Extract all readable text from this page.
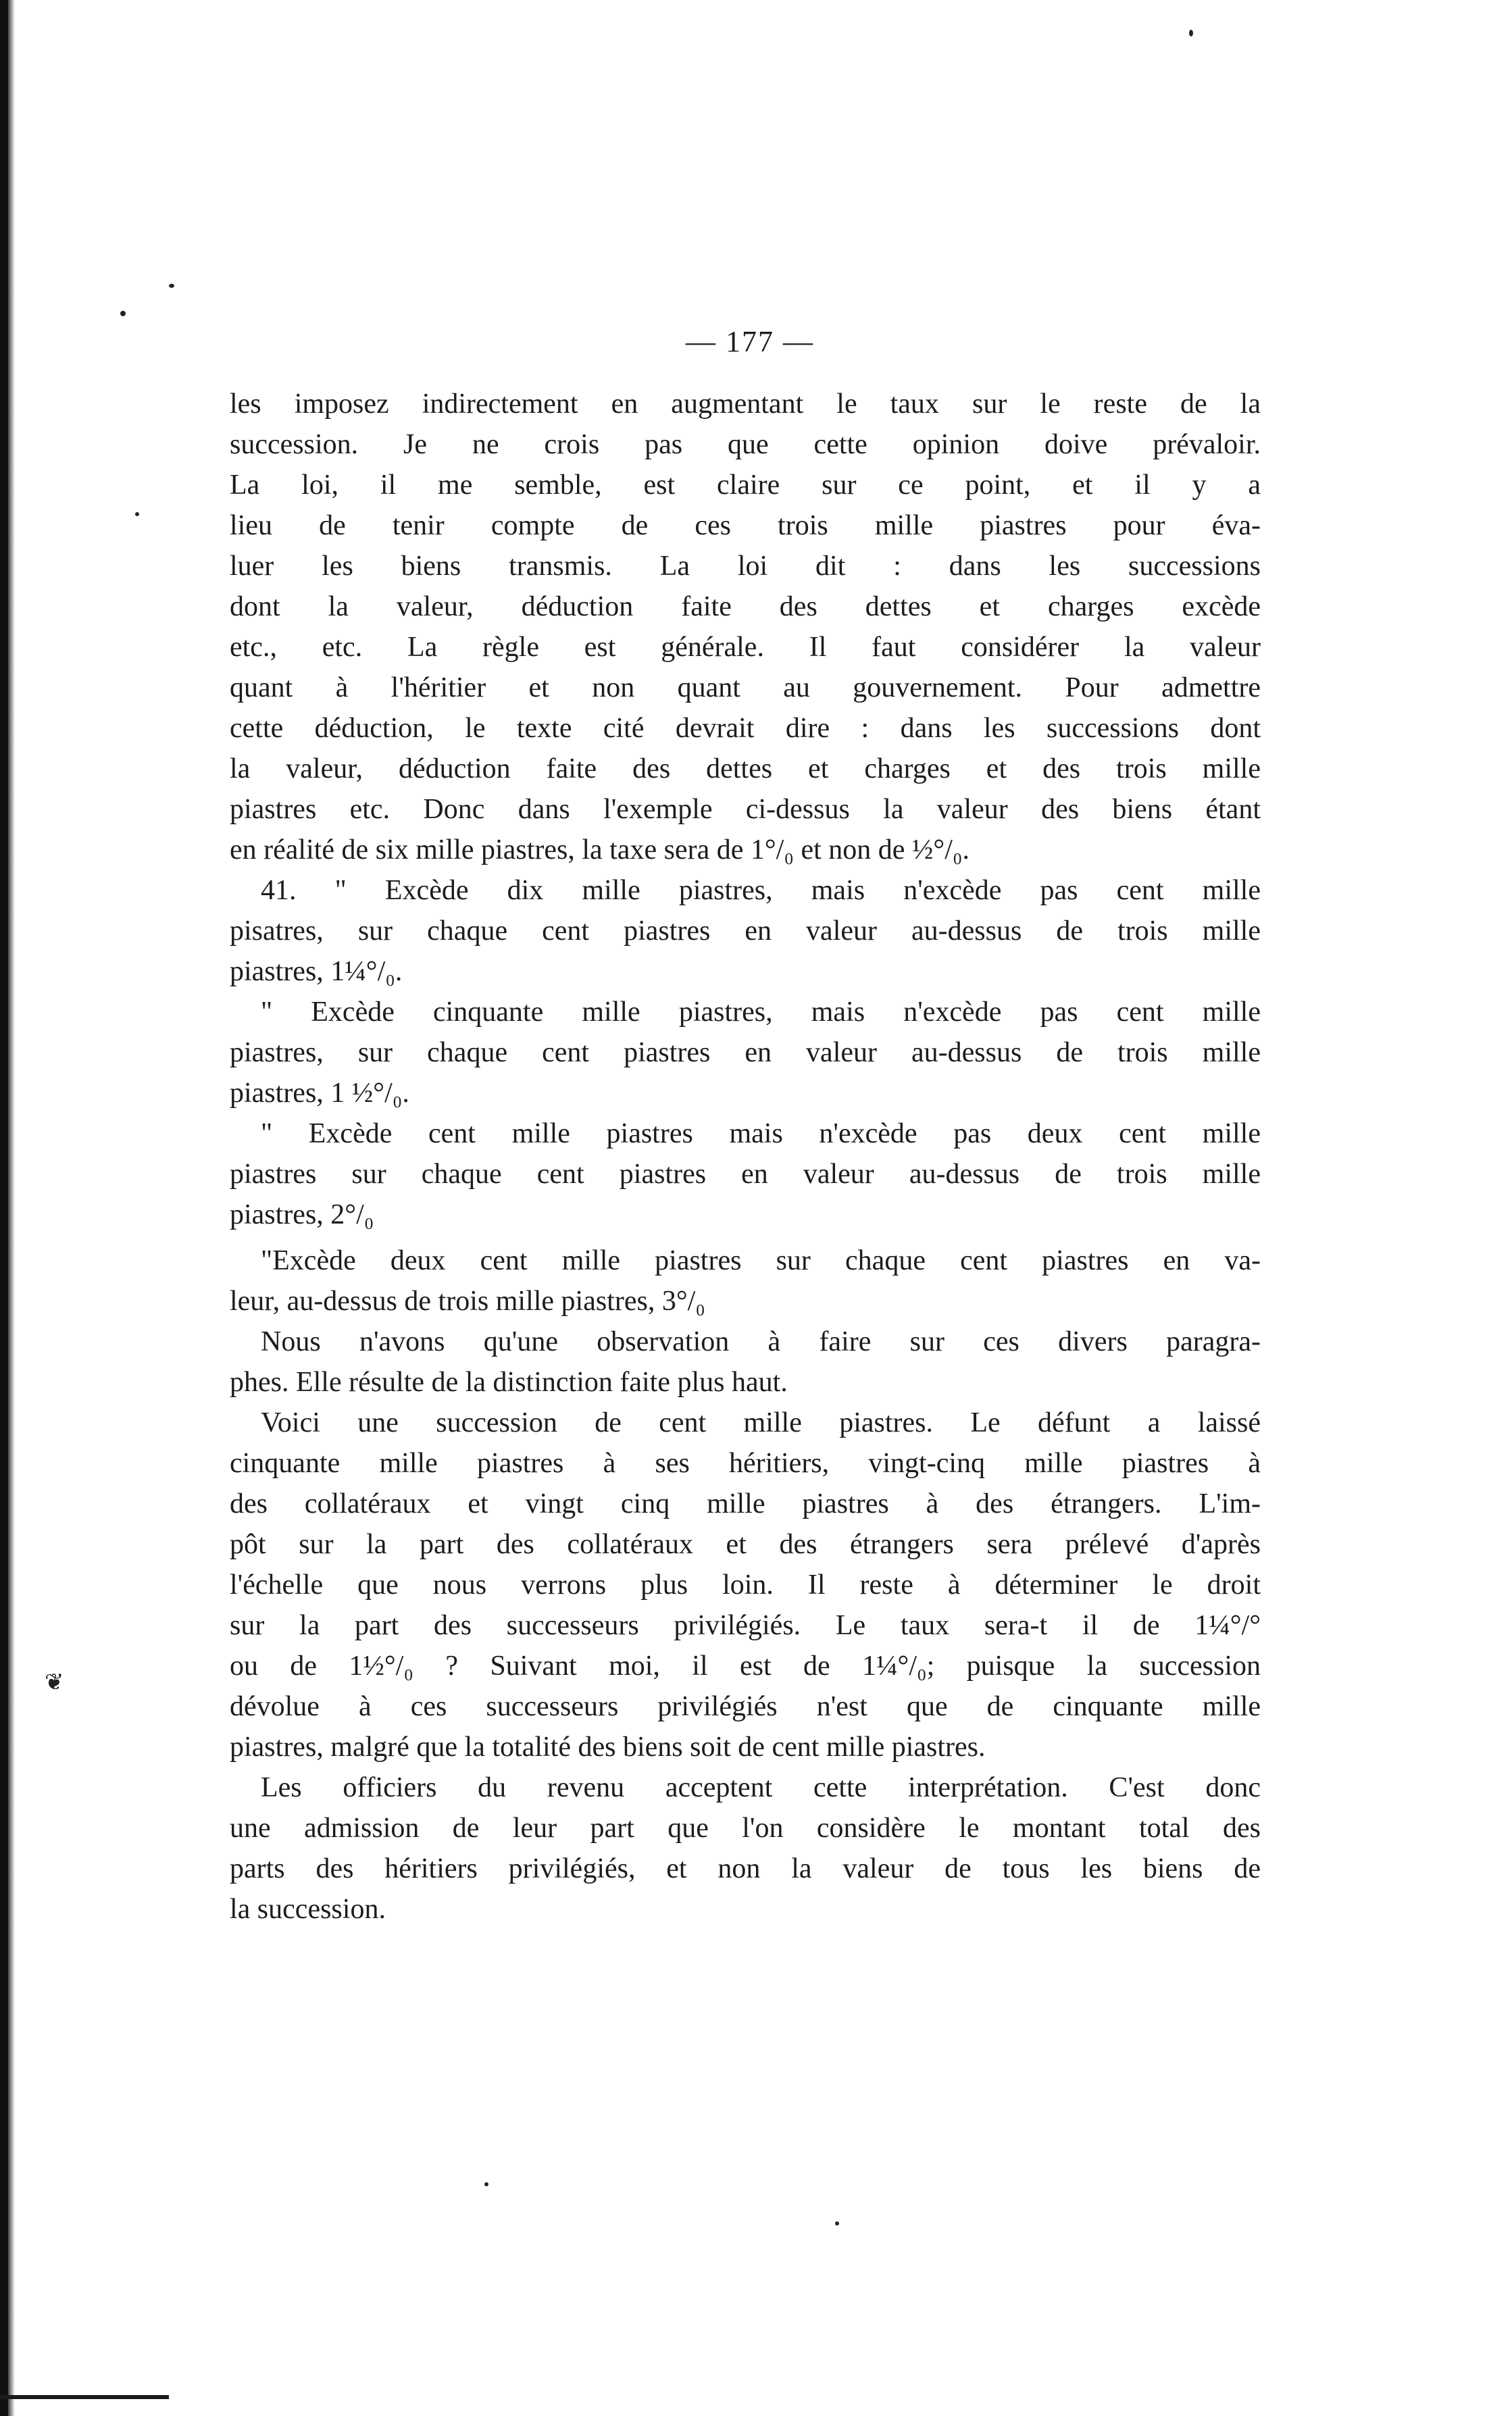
❦
— 177 —
les imposez indirectement en augmentant le taux sur le reste de la
succession. Je ne crois pas que cette opinion doive prévaloir.
La loi, il me semble, est claire sur ce point, et il y a
lieu de tenir compte de ces trois mille piastres pour éva-
luer les biens transmis. La loi dit : dans les successions
dont la valeur, déduction faite des dettes et charges excède
etc., etc. La règle est générale. Il faut considérer la valeur
quant à l'héritier et non quant au gouvernement. Pour admettre
cette déduction, le texte cité devrait dire : dans les successions dont
la valeur, déduction faite des dettes et charges et des trois mille
piastres etc. Donc dans l'exemple ci-dessus la valeur des biens étant
en réalité de six mille piastres, la taxe sera de 1°/₀ et non de ½°/₀.
41. " Excède dix mille piastres, mais n'excède pas cent mille
pisatres, sur chaque cent piastres en valeur au-dessus de trois mille
piastres, 1¼°/₀.
" Excède cinquante mille piastres, mais n'excède pas cent mille
piastres, sur chaque cent piastres en valeur au-dessus de trois mille
piastres, 1 ½°/₀.
" Excède cent mille piastres mais n'excède pas deux cent mille
piastres sur chaque cent piastres en valeur au-dessus de trois mille
piastres, 2°/₀
"Excède deux cent mille piastres sur chaque cent piastres en va-
leur, au-dessus de trois mille piastres, 3°/₀
Nous n'avons qu'une observation à faire sur ces divers paragra-
phes. Elle résulte de la distinction faite plus haut.
Voici une succession de cent mille piastres. Le défunt a laissé
cinquante mille piastres à ses héritiers, vingt-cinq mille piastres à
des collatéraux et vingt cinq mille piastres à des étrangers. L'im-
pôt sur la part des collatéraux et des étrangers sera prélevé d'après
l'échelle que nous verrons plus loin. Il reste à déterminer le droit
sur la part des successeurs privilégiés. Le taux sera-t il de 1¼°/°
ou de 1½°/₀ ? Suivant moi, il est de 1¼°/₀; puisque la succession
dévolue à ces successeurs privilégiés n'est que de cinquante mille
piastres, malgré que la totalité des biens soit de cent mille piastres.
Les officiers du revenu acceptent cette interprétation. C'est donc
une admission de leur part que l'on considère le montant total des
parts des héritiers privilégiés, et non la valeur de tous les biens de
la succession.
